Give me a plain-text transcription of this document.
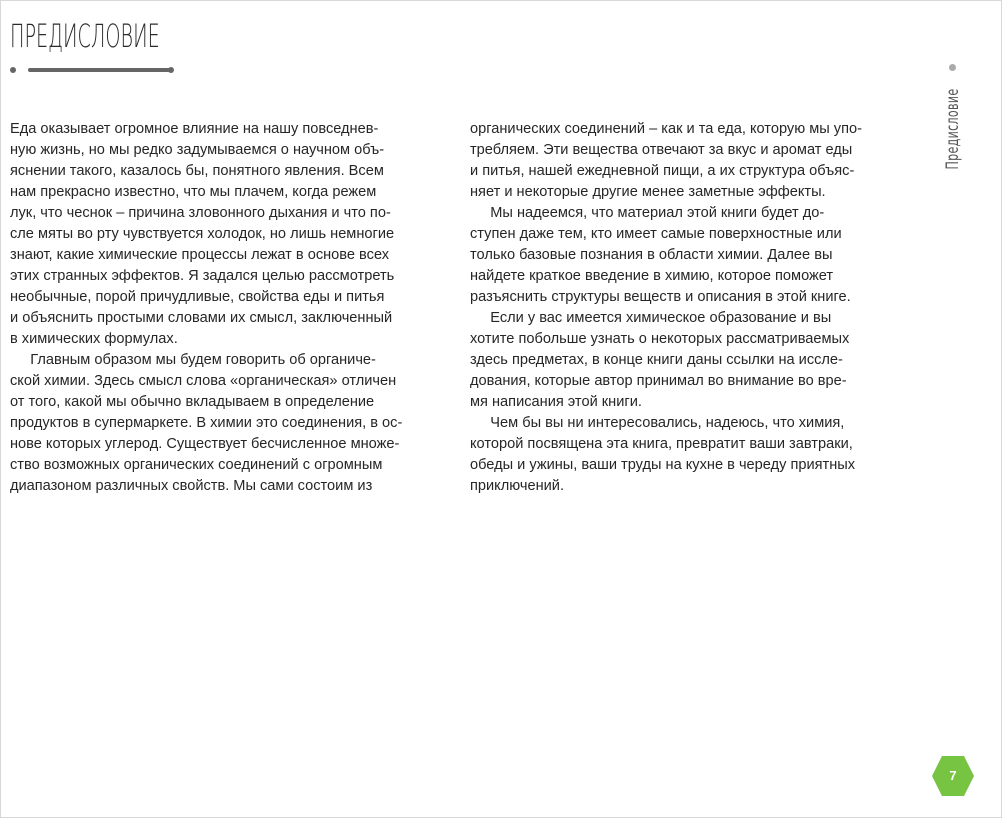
ПРЕДИСЛОВИЕ
Предисловие
Еда оказывает огромное влияние на нашу повседнев-
ную жизнь, но мы редко задумываемся о научном объ-
яснении такого, казалось бы, понятного явления. Всем
нам прекрасно известно, что мы плачем, когда режем
лук, что чеснок – причина зловонного дыхания и что по-
сле мяты во рту чувствуется холодок, но лишь немногие
знают, какие химические процессы лежат в основе всех
этих странных эффектов. Я задался целью рассмотреть
необычные, порой причудливые, свойства еды и питья
и объяснить простыми словами их смысл, заключенный
в химических формулах.
Главным образом мы будем говорить об органиче-
ской химии. Здесь смысл слова «органическая» отличен
от того, какой мы обычно вкладываем в определение
продуктов в супермаркете. В химии это соединения, в ос-
нове которых углерод. Существует бесчисленное множе-
ство возможных органических соединений с огромным
диапазоном различных свойств. Мы сами состоим из
органических соединений – как и та еда, которую мы упо-
требляем. Эти вещества отвечают за вкус и аромат еды
и питья, нашей ежедневной пищи, а их структура объяс-
няет и некоторые другие менее заметные эффекты.
Мы надеемся, что материал этой книги будет до-
ступен даже тем, кто имеет самые поверхностные или
только базовые познания в области химии. Далее вы
найдете краткое введение в химию, которое поможет
разъяснить структуры веществ и описания в этой книге.
Если у вас имеется химическое образование и вы
хотите побольше узнать о некоторых рассматриваемых
здесь предметах, в конце книги даны ссылки на иссле-
дования, которые автор принимал во внимание во вре-
мя написания этой книги.
Чем бы вы ни интересовались, надеюсь, что химия,
которой посвящена эта книга, превратит ваши завтраки,
обеды и ужины, ваши труды на кухне в череду приятных
приключений.
7
